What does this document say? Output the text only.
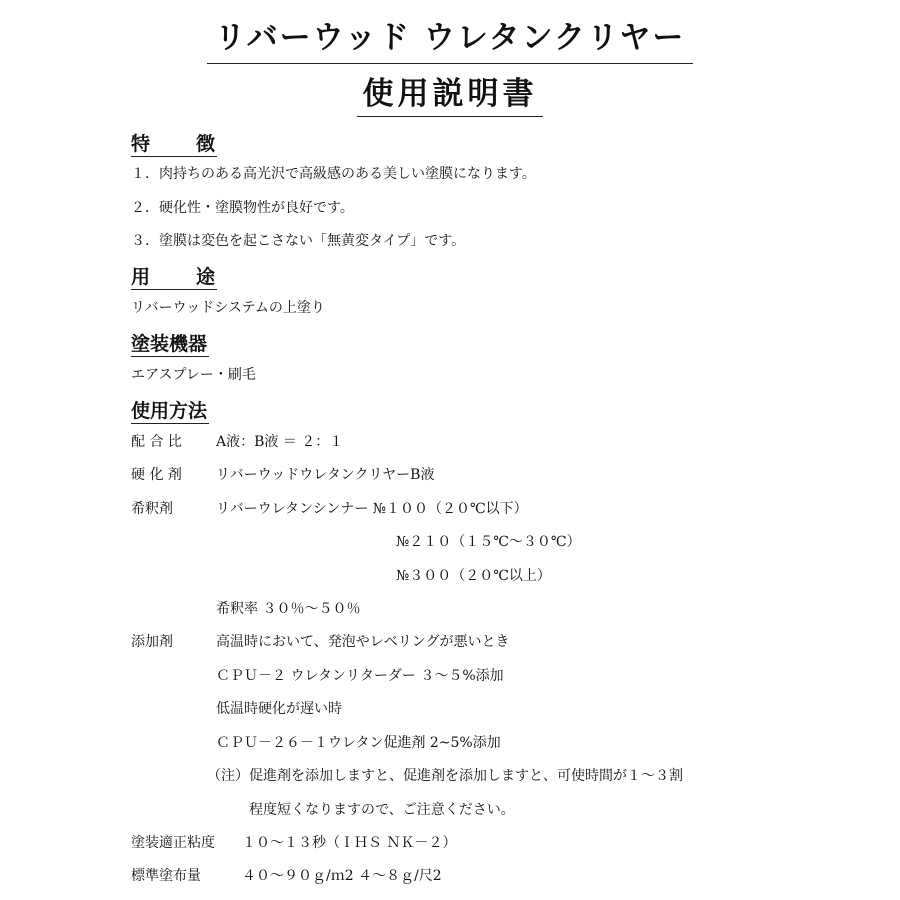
リバーウッド ウレタンクリヤー
使用説明書
特 徴
１．肉持ちのある高光沢で高級感のある美しい塗膜になります。
２．硬化性・塗膜物性が良好です。
３．塗膜は変色を起こさない「無黄変タイプ」です。
用 途
リバーウッドシステムの上塗り
塗装機器
エアスプレー・刷毛
使用方法
配 合 比 A液：B液 ＝ ２：１
硬 化 剤 リバーウッドウレタンクリヤーB液
希釈剤	リバーウレタンシンナー №１００（２０℃以下）
№２１０（１５℃～３０℃）
№３００（２０℃以上）
希釈率 ３０％～５０％
添加剤	高温時において、発泡やレベリングが悪いとき
ＣＰＵ－２ ウレタンリターダー ３～５%添加
低温時硬化が遅い時
ＣＰＵ－２６－１ウレタン促進剤 2~5%添加
（注）促進剤を添加しますと、促進剤を添加しますと、可使時間が１～３割
程度短くなりますので、ご注意ください。
塗装適正粘度 １０～１３秒（ＩＨＳ ＮＫ－２）
標準塗布量	４０～９０ｇ/ｍ2 ４～８ｇ/尺2
